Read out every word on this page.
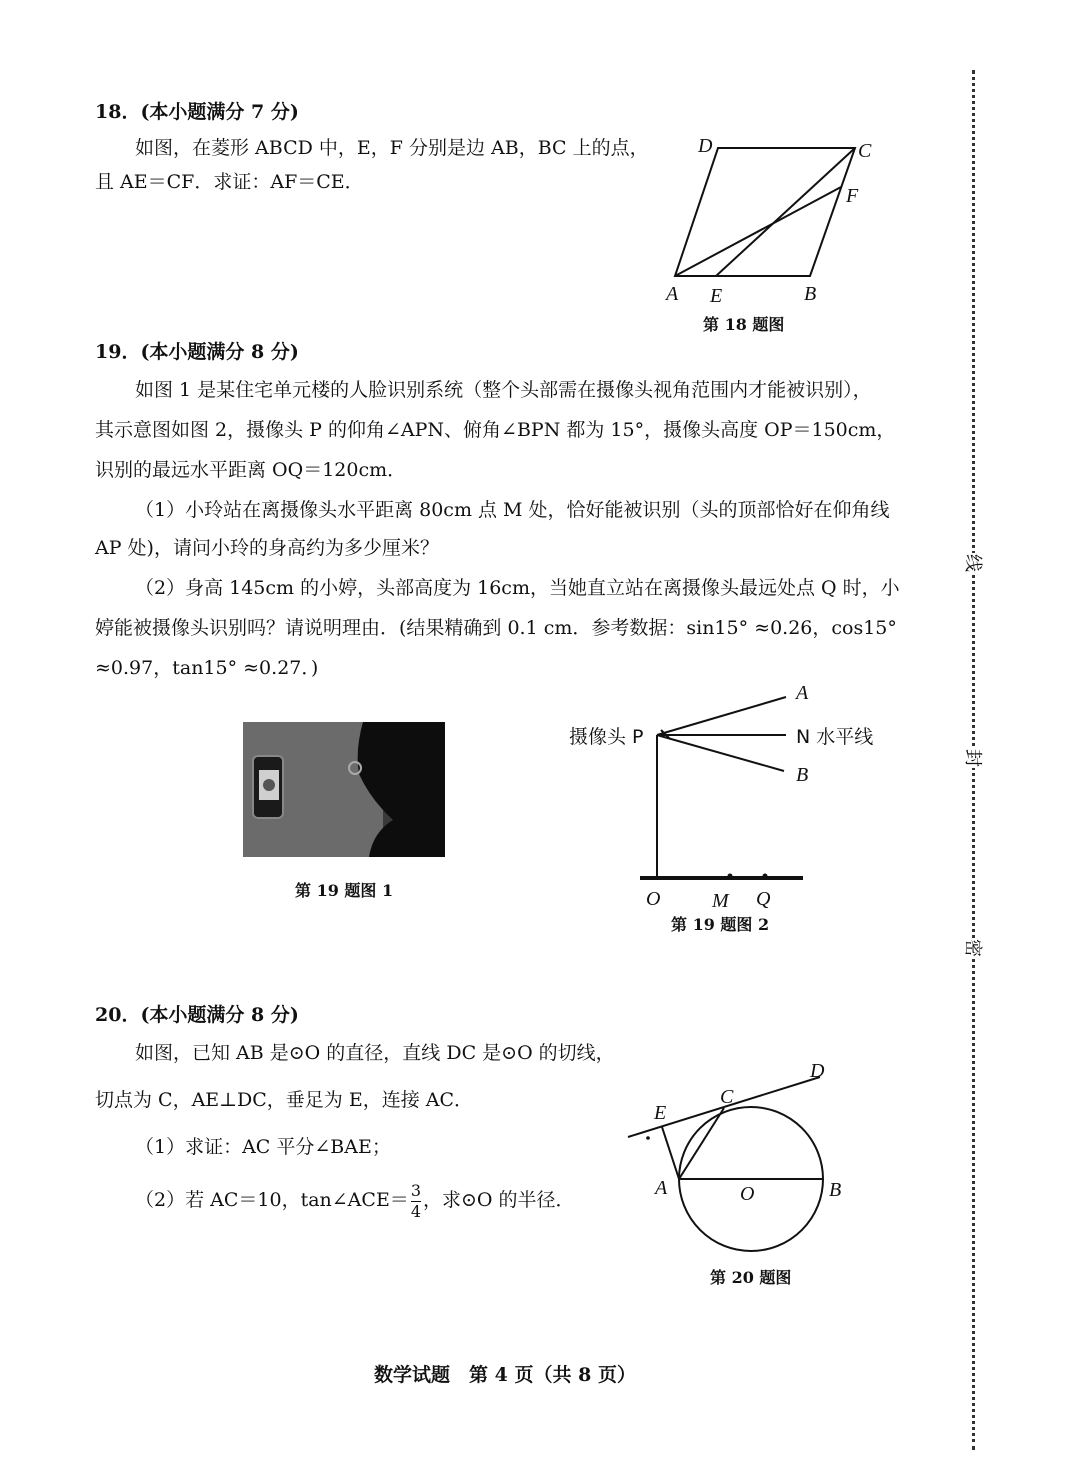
线
封
密
18．(本小题满分 7 分)
如图，在菱形 ABCD 中，E，F 分别是边 AB，BC 上的点，
且 AE＝CF．求证：AF＝CE．
D	C
F
A E	B
第 18 题图
19．(本小题满分 8 分)
如图 1 是某住宅单元楼的人脸识别系统（整个头部需在摄像头视角范围内才能被识别），
其示意图如图 2，摄像头 P 的仰角∠APN、俯角∠BPN 都为 15°，摄像头高度 OP＝150cm，
识别的最远水平距离 OQ＝120cm．
（1）小玲站在离摄像头水平距离 80cm 点 M 处，恰好能被识别（头的顶部恰好在仰角线
AP 处)，请问小玲的身高约为多少厘米？
（2）身高 145cm 的小婷，头部高度为 16cm，当她直立站在离摄像头最远处点 Q 时，小
婷能被摄像头识别吗？请说明理由．(结果精确到 0.1 cm．参考数据：sin15° ≈0.26，cos15°
≈0.97，tan15° ≈0.27．)
第 19 题图 1
摄像头 P	N 水平线
A
B
O	M Q
第 19 题图 2
20．(本小题满分 8 分)
如图，已知 AB 是⊙O 的直径，直线 DC 是⊙O 的切线，
切点为 C，AE⊥DC，垂足为 E，连接 AC．
（1）求证：AC 平分∠BAE；
（2）若 AC＝10，tan∠ACE＝ $\frac{3}{4}$ ，求⊙O 的半径．
D
C
E
A	O	B
第 20 题图
数学试题　第 4 页（共 8 页）
